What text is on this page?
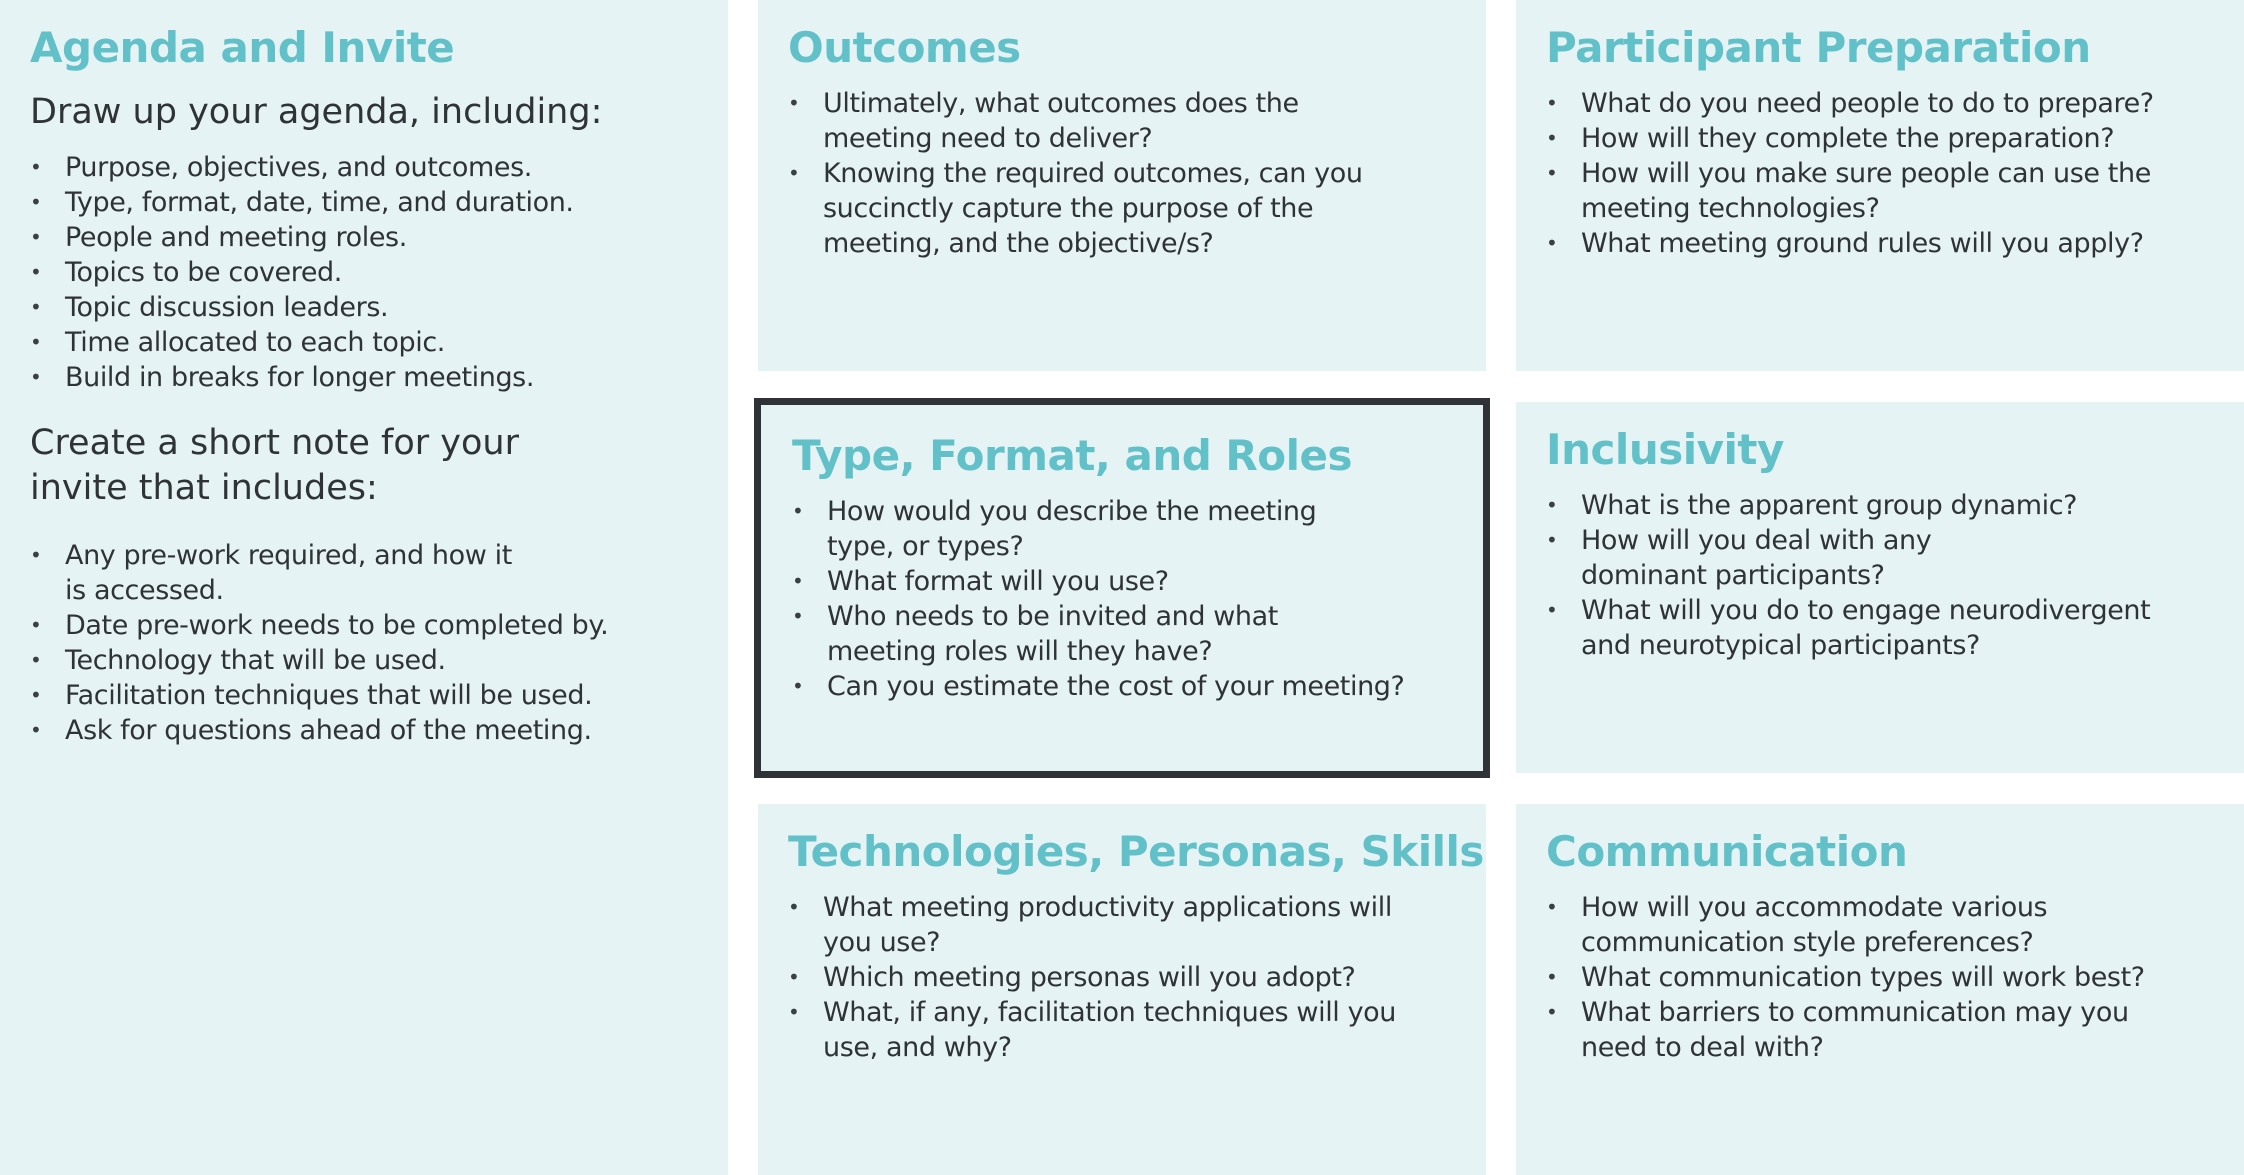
Agenda and Invite

Draw up your agenda, including:

• Purpose, objectives, and outcomes.
• Type, format, date, time, and duration.
• People and meeting roles.
• Topics to be covered.
• Topic discussion leaders.
• Time allocated to each topic.
• Build in breaks for longer meetings.

Create a short note for your
invite that includes:

• Any pre-work required, and how it is accessed.
• Date pre-work needs to be completed by.
• Technology that will be used.
• Facilitation techniques that will be used.
• Ask for questions ahead of the meeting.
Outcomes
• Ultimately, what outcomes does the meeting need to deliver?
• Knowing the required outcomes, can you succinctly capture the purpose of the meeting, and the objective/s?
Participant Preparation
• What do you need people to do to prepare?
• How will they complete the preparation?
• How will you make sure people can use the meeting technologies?
• What meeting ground rules will you apply?
Type, Format, and Roles
• How would you describe the meeting type, or types?
• What format will you use?
• Who needs to be invited and what meeting roles will they have?
• Can you estimate the cost of your meeting?
Inclusivity
• What is the apparent group dynamic?
• How will you deal with any dominant participants?
• What will you do to engage neurodivergent and neurotypical participants?
Technologies, Personas, Skills
• What meeting productivity applications will you use?
• Which meeting personas will you adopt?
• What, if any, facilitation techniques will you use, and why?
Communication
• How will you accommodate various communication style preferences?
• What communication types will work best?
• What barriers to communication may you need to deal with?
